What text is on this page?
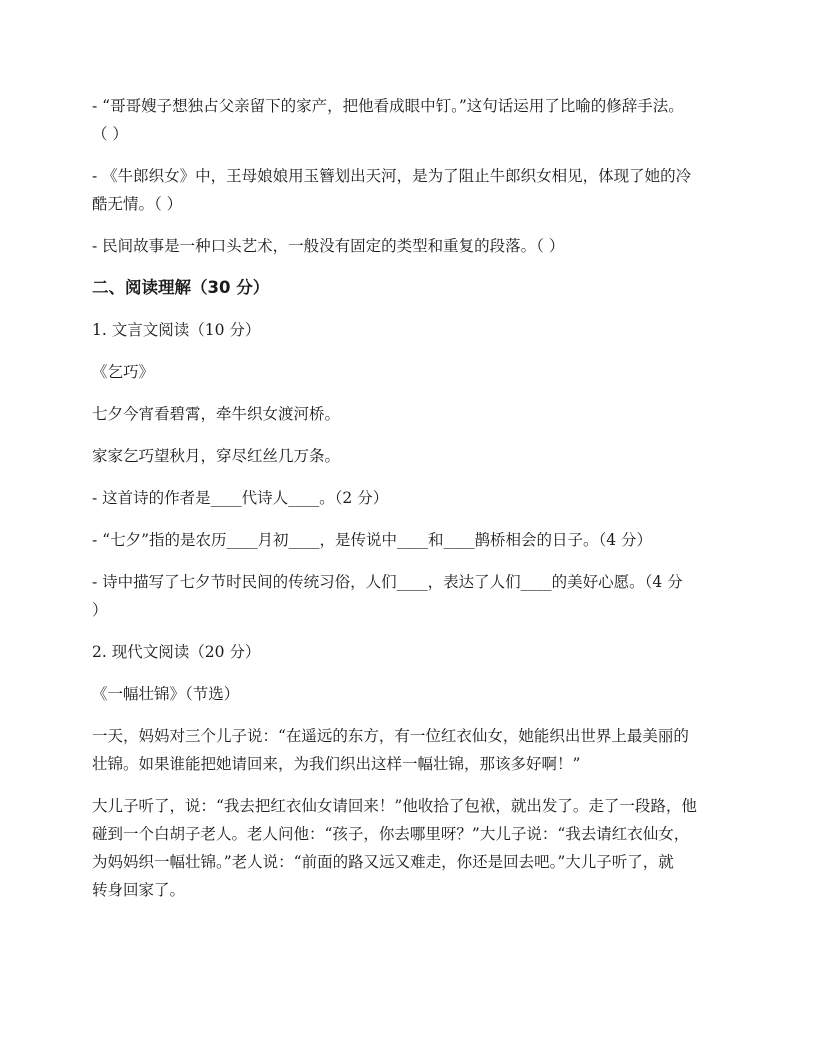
- “哥哥嫂子想独占父亲留下的家产，把他看成眼中钉。”这句话运用了比喻的修辞手法。

（ ）

- 《牛郎织女》中，王母娘娘用玉簪划出天河，是为了阻止牛郎织女相见，体现了她的冷

酷无情。（ ）

- 民间故事是一种口头艺术，一般没有固定的类型和重复的段落。（ ）

二、阅读理解（30 分）

1. 文言文阅读（10 分）

《乞巧》

七夕今宵看碧霄，牵牛织女渡河桥。

家家乞巧望秋月，穿尽红丝几万条。

- 这首诗的作者是____代诗人____。（2 分）

- “七夕”指的是农历____月初____，是传说中____和____鹊桥相会的日子。（4 分）

- 诗中描写了七夕节时民间的传统习俗，人们____，表达了人们____的美好心愿。（4 分

）

2. 现代文阅读（20 分）

《一幅壮锦》（节选）

一天，妈妈对三个儿子说：“在遥远的东方，有一位红衣仙女，她能织出世界上最美丽的

壮锦。如果谁能把她请回来，为我们织出这样一幅壮锦，那该多好啊！”

大儿子听了，说：“我去把红衣仙女请回来！”他收拾了包袱，就出发了。走了一段路，他

碰到一个白胡子老人。老人问他：“孩子，你去哪里呀？”大儿子说：“我去请红衣仙女，

为妈妈织一幅壮锦。”老人说：“前面的路又远又难走，你还是回去吧。”大儿子听了，就

转身回家了。
